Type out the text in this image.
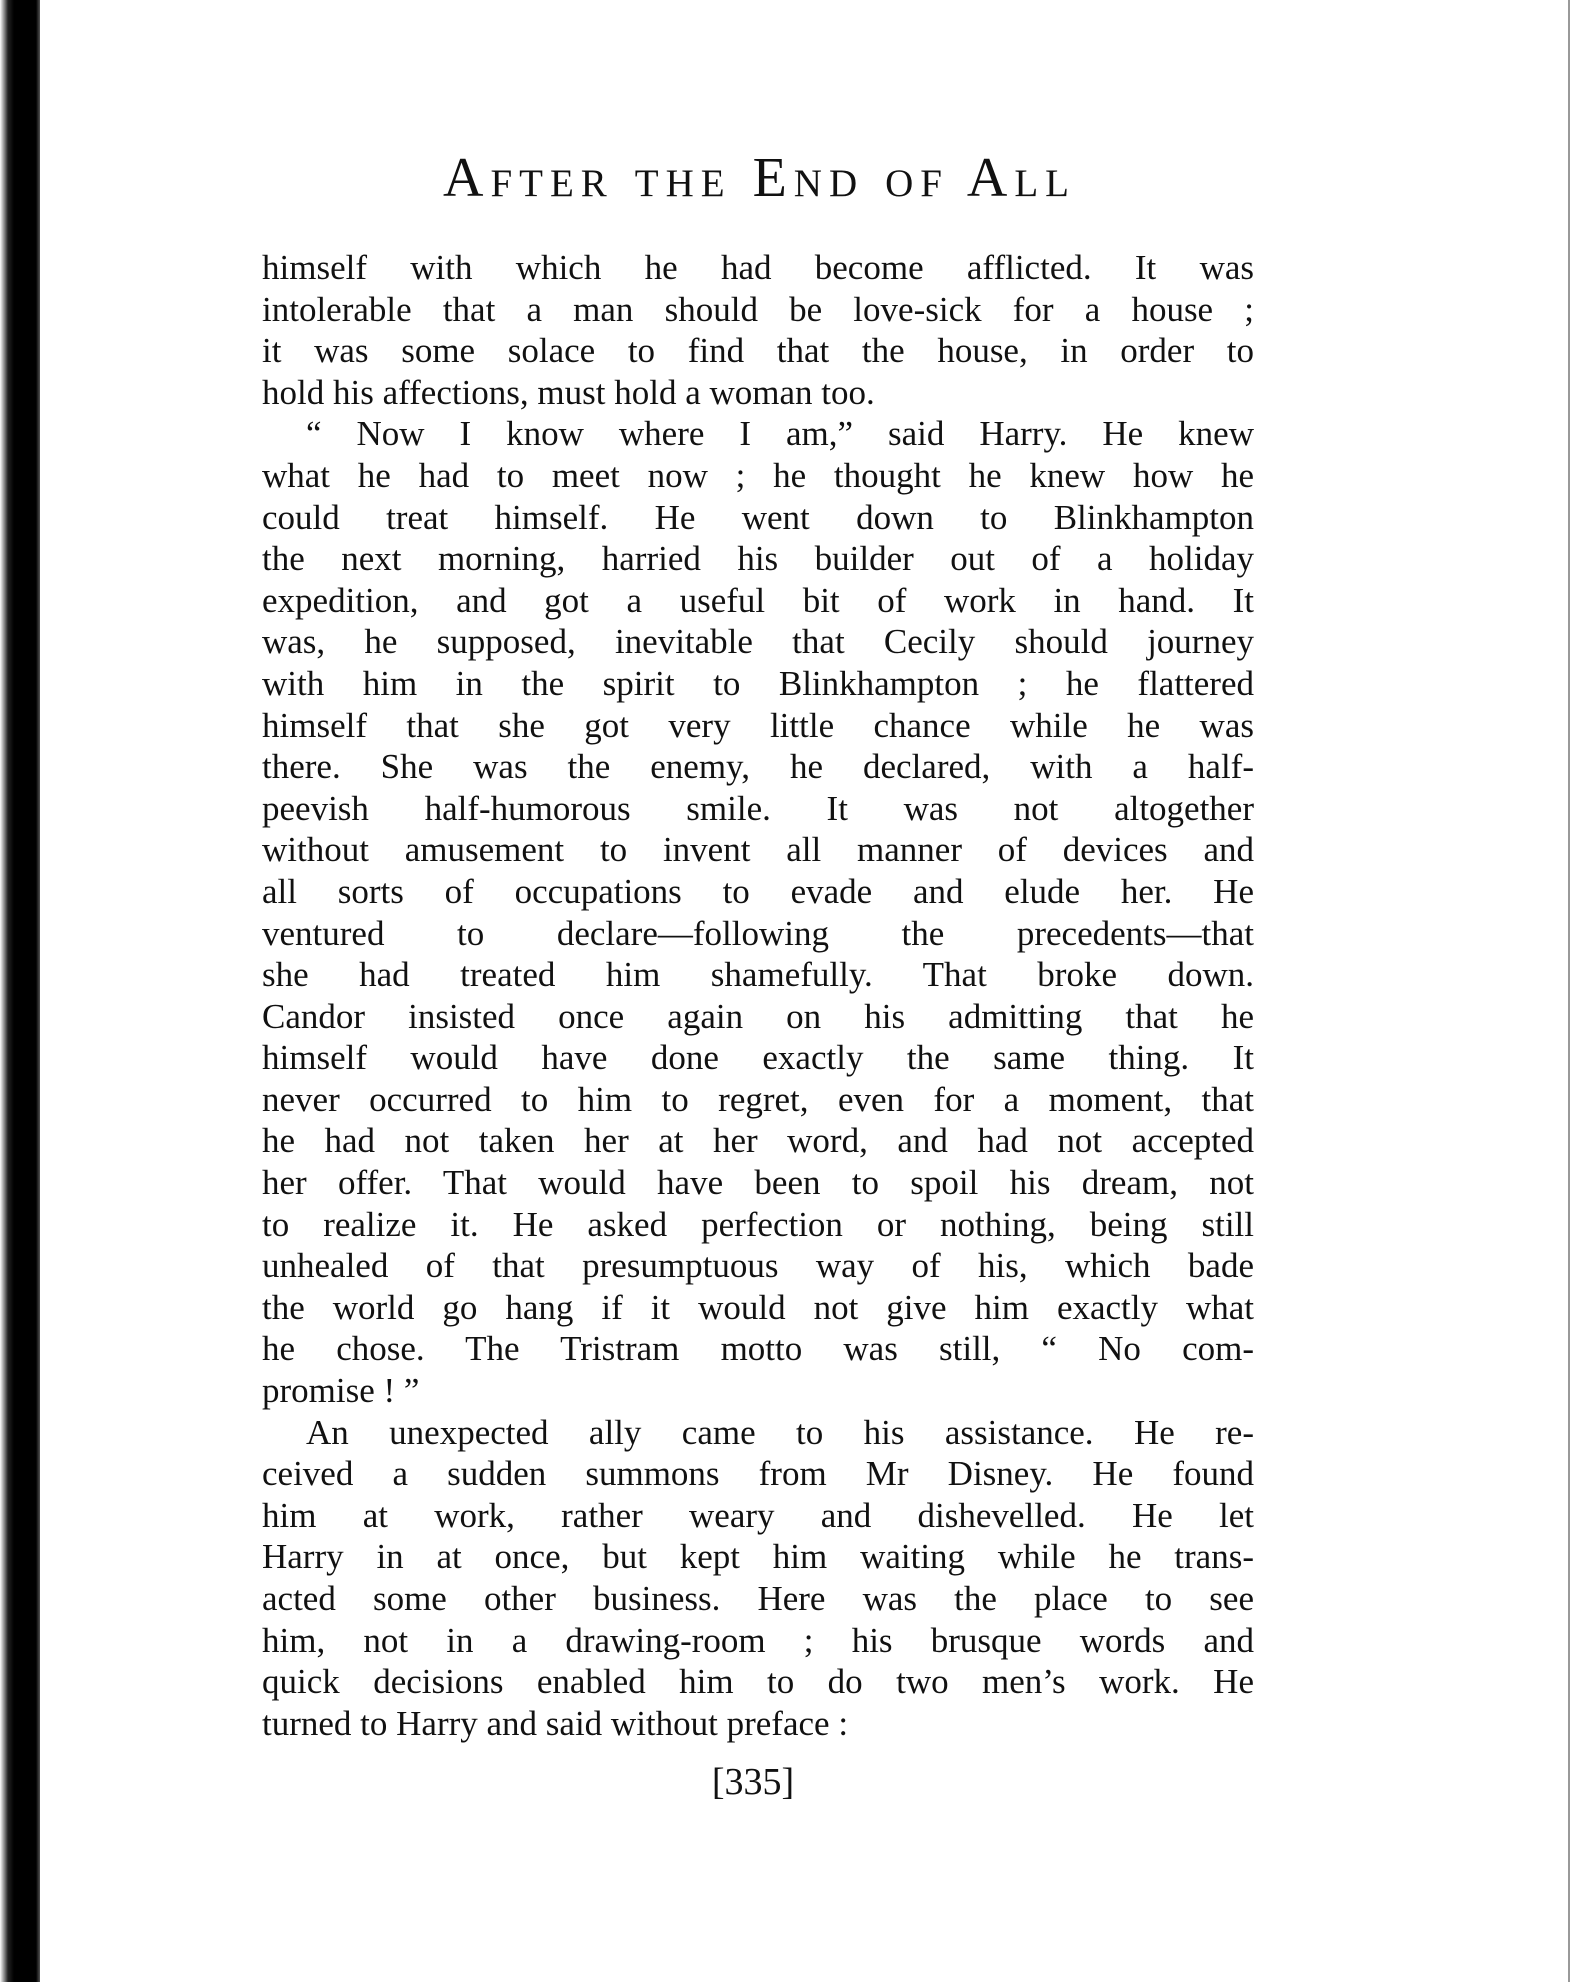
After the End of All
himself with which he had become afflicted. It was
intolerable that a man should be love-sick for a house ;
it was some solace to find that the house, in order to
hold his affections, must hold a woman too.
“ Now I know where I am,” said Harry. He knew
what he had to meet now ; he thought he knew how he
could treat himself. He went down to Blinkhampton
the next morning, harried his builder out of a holiday
expedition, and got a useful bit of work in hand. It
was, he supposed, inevitable that Cecily should journey
with him in the spirit to Blinkhampton ; he flattered
himself that she got very little chance while he was
there. She was the enemy, he declared, with a half-
peevish half-humorous smile. It was not altogether
without amusement to invent all manner of devices and
all sorts of occupations to evade and elude her. He
ventured to declare—following the precedents—that
she had treated him shamefully. That broke down.
Candor insisted once again on his admitting that he
himself would have done exactly the same thing. It
never occurred to him to regret, even for a moment, that
he had not taken her at her word, and had not accepted
her offer. That would have been to spoil his dream, not
to realize it. He asked perfection or nothing, being still
unhealed of that presumptuous way of his, which bade
the world go hang if it would not give him exactly what
he chose. The Tristram motto was still, “ No com-
promise ! ”
An unexpected ally came to his assistance. He re-
ceived a sudden summons from Mr Disney. He found
him at work, rather weary and dishevelled. He let
Harry in at once, but kept him waiting while he trans-
acted some other business. Here was the place to see
him, not in a drawing-room ; his brusque words and
quick decisions enabled him to do two men’s work. He
turned to Harry and said without preface :
[335]
